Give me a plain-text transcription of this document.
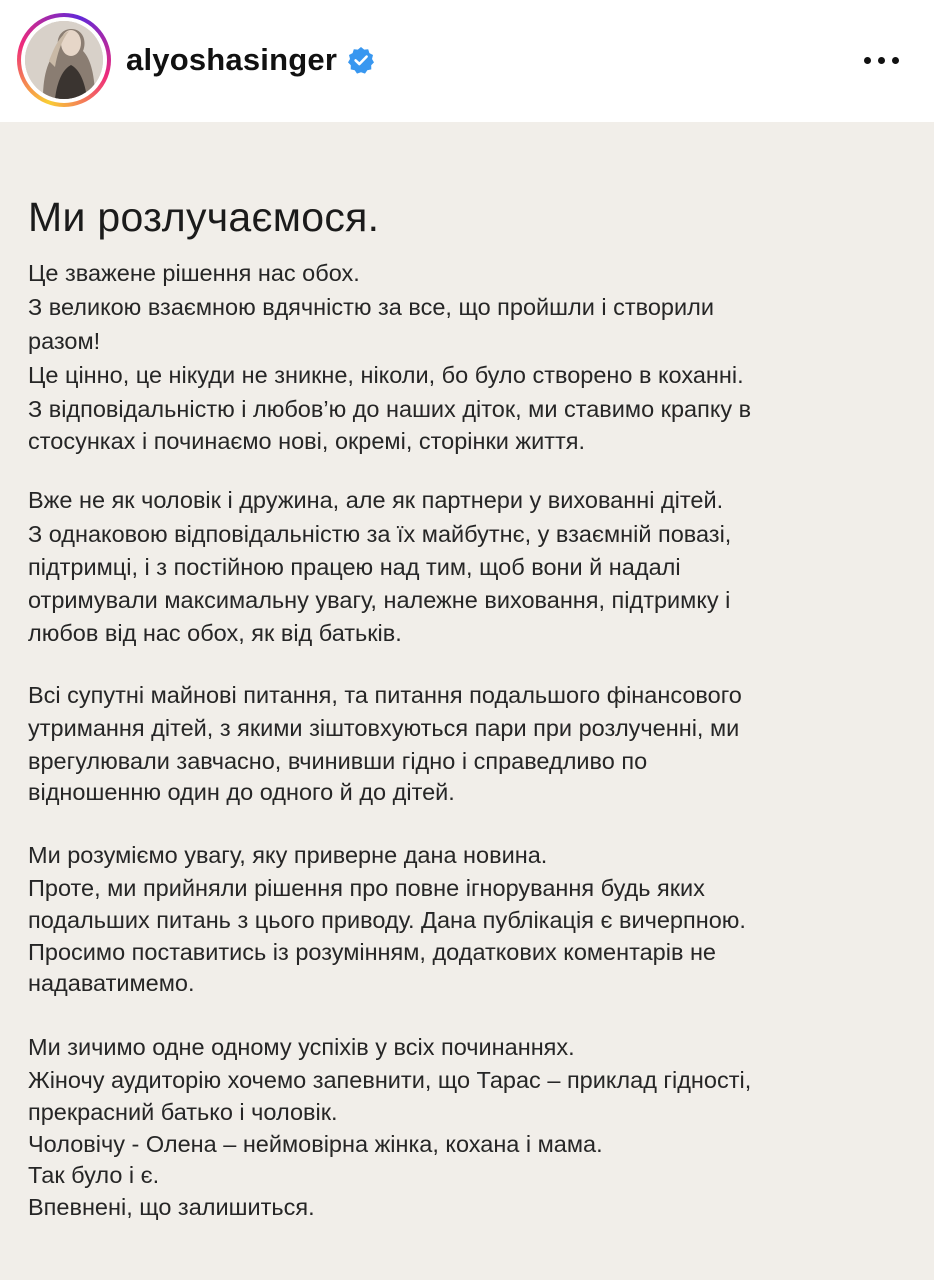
alyoshasinger
Ми розлучаємося.

Це зважене рішення нас обох.

З великою взаємною вдячністю за все, що пройшли і створили

разом!

Це цінно, це нікуди не зникне, ніколи, бо було створено в коханні.

З відповідальністю і любов’ю до наших діток, ми ставимо крапку в

стосунках і починаємо нові, окремі, сторінки життя.

Вже не як чоловік і дружина, але як партнери у вихованні дітей.

З однаковою відповідальністю за їх майбутнє, у взаємній повазі,

підтримці, і з постійною працею над тим, щоб вони й надалі

отримували максимальну увагу, належне виховання, підтримку і

любов від нас обох, як від батьків.

Всі супутні майнові питання, та питання подальшого фінансового

утримання дітей, з якими зіштовхуються пари при розлученні, ми

врегулювали завчасно, вчинивши гідно і справедливо по

відношенню один до одного й до дітей.

Ми розуміємо увагу, яку приверне дана новина.

Проте, ми прийняли рішення про повне ігнорування будь яких

подальших питань з цього приводу. Дана публікація є вичерпною.

Просимо поставитись із розумінням, додаткових коментарів не

надаватимемо.

Ми зичимо одне одному успіхів у всіх починаннях.

Жіночу аудиторію хочемо запевнити, що Тарас – приклад гідності,

прекрасний батько і чоловік.

Чоловічу - Олена – неймовірна жінка, кохана і мама.

Так було і є.

Впевнені, що залишиться.
